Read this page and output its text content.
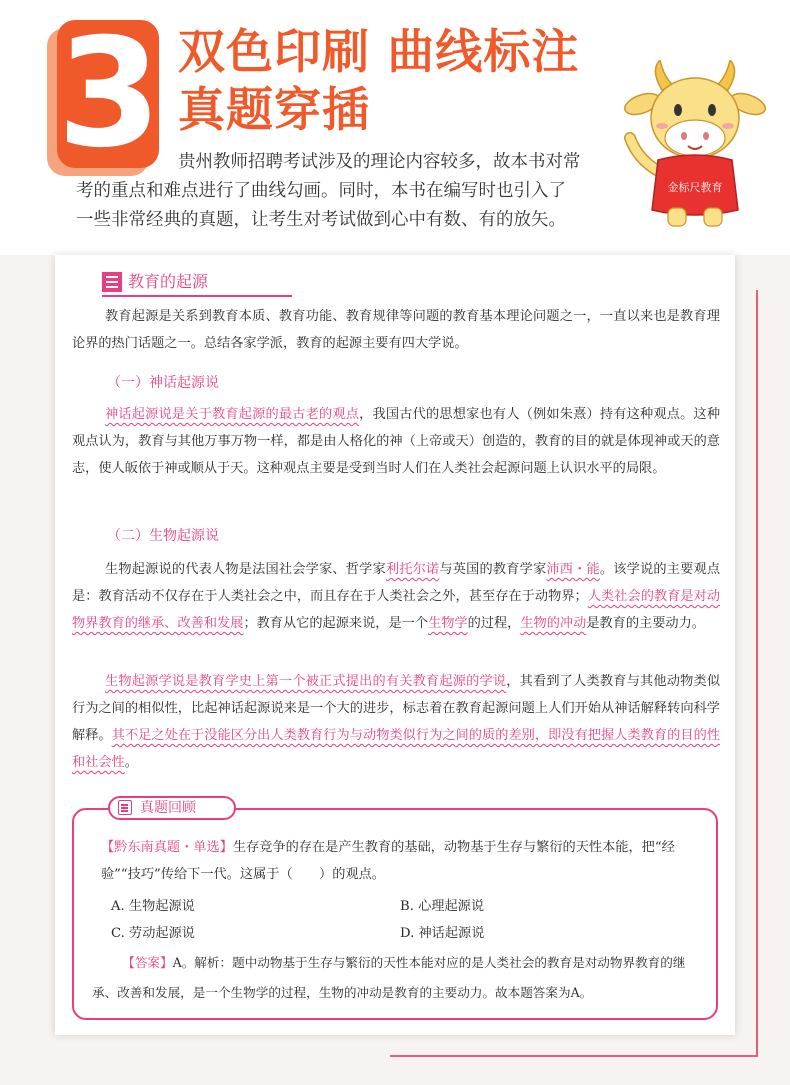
3 双色印刷 曲线标注
真题穿插
贵州教师招聘考试涉及的理论内容较多，故本书对常
考的重点和难点进行了曲线勾画。同时，本书在编写时也引入了
一些非常经典的真题，让考生对考试做到心中有数、有的放矢。
金标尺教育
教育的起源
教育起源是关系到教育本质、教育功能、教育规律等问题的教育基本理论问题之一，一直以来也是教育理论界的热门话题之一。总结各家学派，教育的起源主要有四大学说。
（一）神话起源说
神话起源说是关于教育起源的最古老的观点，我国古代的思想家也有人（例如朱熹）持有这种观点。这种观点认为，教育与其他万事万物一样，都是由人格化的神（上帝或天）创造的，教育的目的就是体现神或天的意志，使人皈依于神或顺从于天。这种观点主要是受到当时人们在人类社会起源问题上认识水平的局限。
（二）生物起源说
生物起源说的代表人物是法国社会学家、哲学家利托尔诺与英国的教育学家沛西・能。该学说的主要观点是：教育活动不仅存在于人类社会之中，而且存在于人类社会之外，甚至存在于动物界；人类社会的教育是对动物界教育的继承、改善和发展；教育从它的起源来说，是一个生物学的过程，生物的冲动是教育的主要动力。
生物起源学说是教育学史上第一个被正式提出的有关教育起源的学说，其看到了人类教育与其他动物类似行为之间的相似性，比起神话起源说来是一个大的进步，标志着在教育起源问题上人们开始从神话解释转向科学解释。其不足之处在于没能区分出人类教育行为与动物类似行为之间的质的差别，即没有把握人类教育的目的性和社会性。
真题回顾
【黔东南真题・单选】生存竞争的存在是产生教育的基础，动物基于生存与繁衍的天性本能，把“经验”“技巧”传给下一代。这属于（　　）的观点。
A. 生物起源说	B. 心理起源说
C. 劳动起源说	D. 神话起源说
【答案】A。解析：题中动物基于生存与繁衍的天性本能对应的是人类社会的教育是对动物界教育的继承、改善和发展，是一个生物学的过程，生物的冲动是教育的主要动力。故本题答案为A。
